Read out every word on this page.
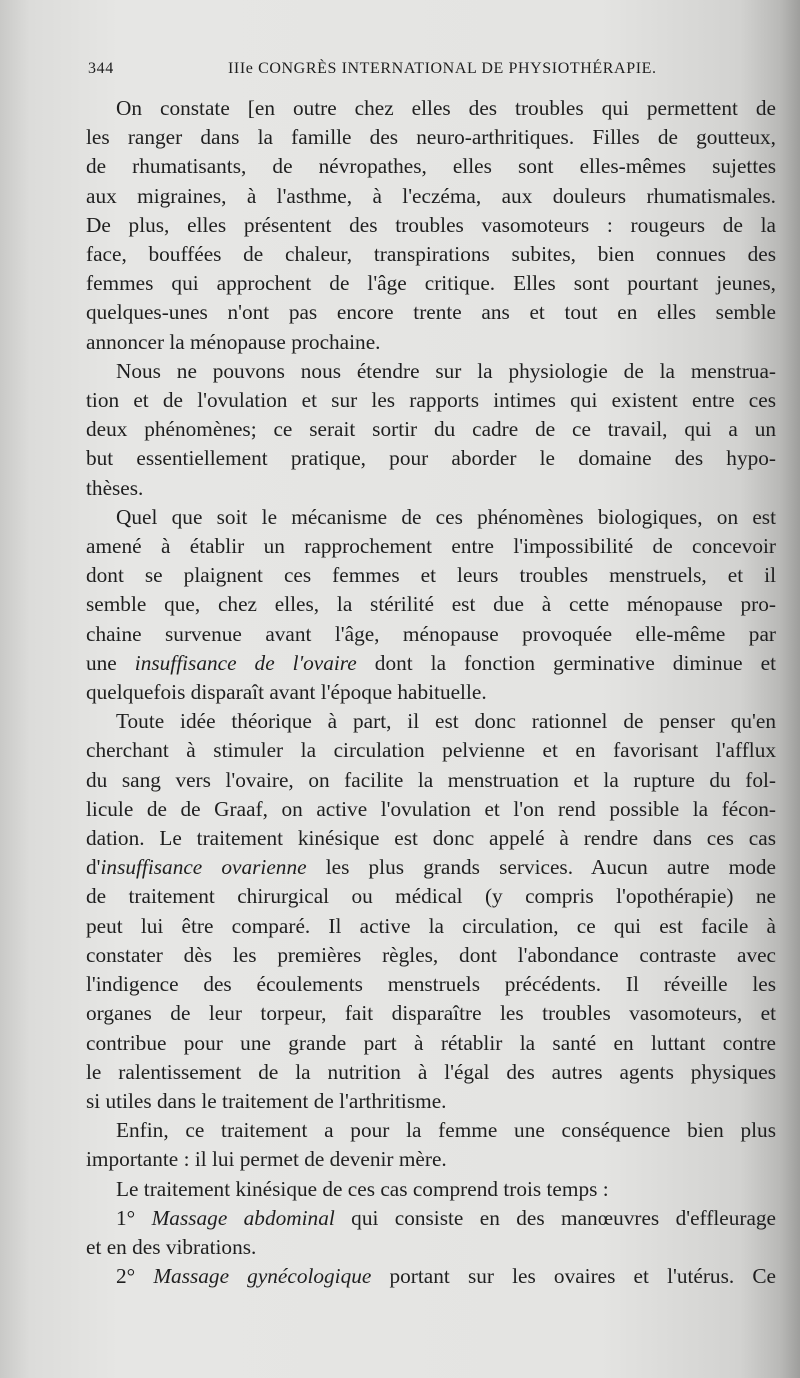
344	IIIe CONGRÈS INTERNATIONAL DE PHYSIOTHÉRAPIE.
On constate [en outre chez elles des troubles qui permettent de
les ranger dans la famille des neuro-arthritiques. Filles de goutteux,
de rhumatisants, de névropathes, elles sont elles-mêmes sujettes
aux migraines, à l'asthme, à l'eczéma, aux douleurs rhumatismales.
De plus, elles présentent des troubles vasomoteurs : rougeurs de la
face, bouffées de chaleur, transpirations subites, bien connues des
femmes qui approchent de l'âge critique. Elles sont pourtant jeunes,
quelques-unes n'ont pas encore trente ans et tout en elles semble
annoncer la ménopause prochaine.
Nous ne pouvons nous étendre sur la physiologie de la menstrua-
tion et de l'ovulation et sur les rapports intimes qui existent entre ces
deux phénomènes; ce serait sortir du cadre de ce travail, qui a un
but essentiellement pratique, pour aborder le domaine des hypo-
thèses.
Quel que soit le mécanisme de ces phénomènes biologiques, on est
amené à établir un rapprochement entre l'impossibilité de concevoir
dont se plaignent ces femmes et leurs troubles menstruels, et il
semble que, chez elles, la stérilité est due à cette ménopause pro-
chaine survenue avant l'âge, ménopause provoquée elle-même par
une insuffisance de l'ovaire dont la fonction germinative diminue et
quelquefois disparaît avant l'époque habituelle.
Toute idée théorique à part, il est donc rationnel de penser qu'en
cherchant à stimuler la circulation pelvienne et en favorisant l'afflux
du sang vers l'ovaire, on facilite la menstruation et la rupture du fol-
licule de de Graaf, on active l'ovulation et l'on rend possible la fécon-
dation. Le traitement kinésique est donc appelé à rendre dans ces cas
d'insuffisance ovarienne les plus grands services. Aucun autre mode
de traitement chirurgical ou médical (y compris l'opothérapie) ne
peut lui être comparé. Il active la circulation, ce qui est facile à
constater dès les premières règles, dont l'abondance contraste avec
l'indigence des écoulements menstruels précédents. Il réveille les
organes de leur torpeur, fait disparaître les troubles vasomoteurs, et
contribue pour une grande part à rétablir la santé en luttant contre
le ralentissement de la nutrition à l'égal des autres agents physiques
si utiles dans le traitement de l'arthritisme.
Enfin, ce traitement a pour la femme une conséquence bien plus
importante : il lui permet de devenir mère.
Le traitement kinésique de ces cas comprend trois temps :
1° Massage abdominal qui consiste en des manœuvres d'effleurage
et en des vibrations.
2° Massage gynécologique portant sur les ovaires et l'utérus. Ce
